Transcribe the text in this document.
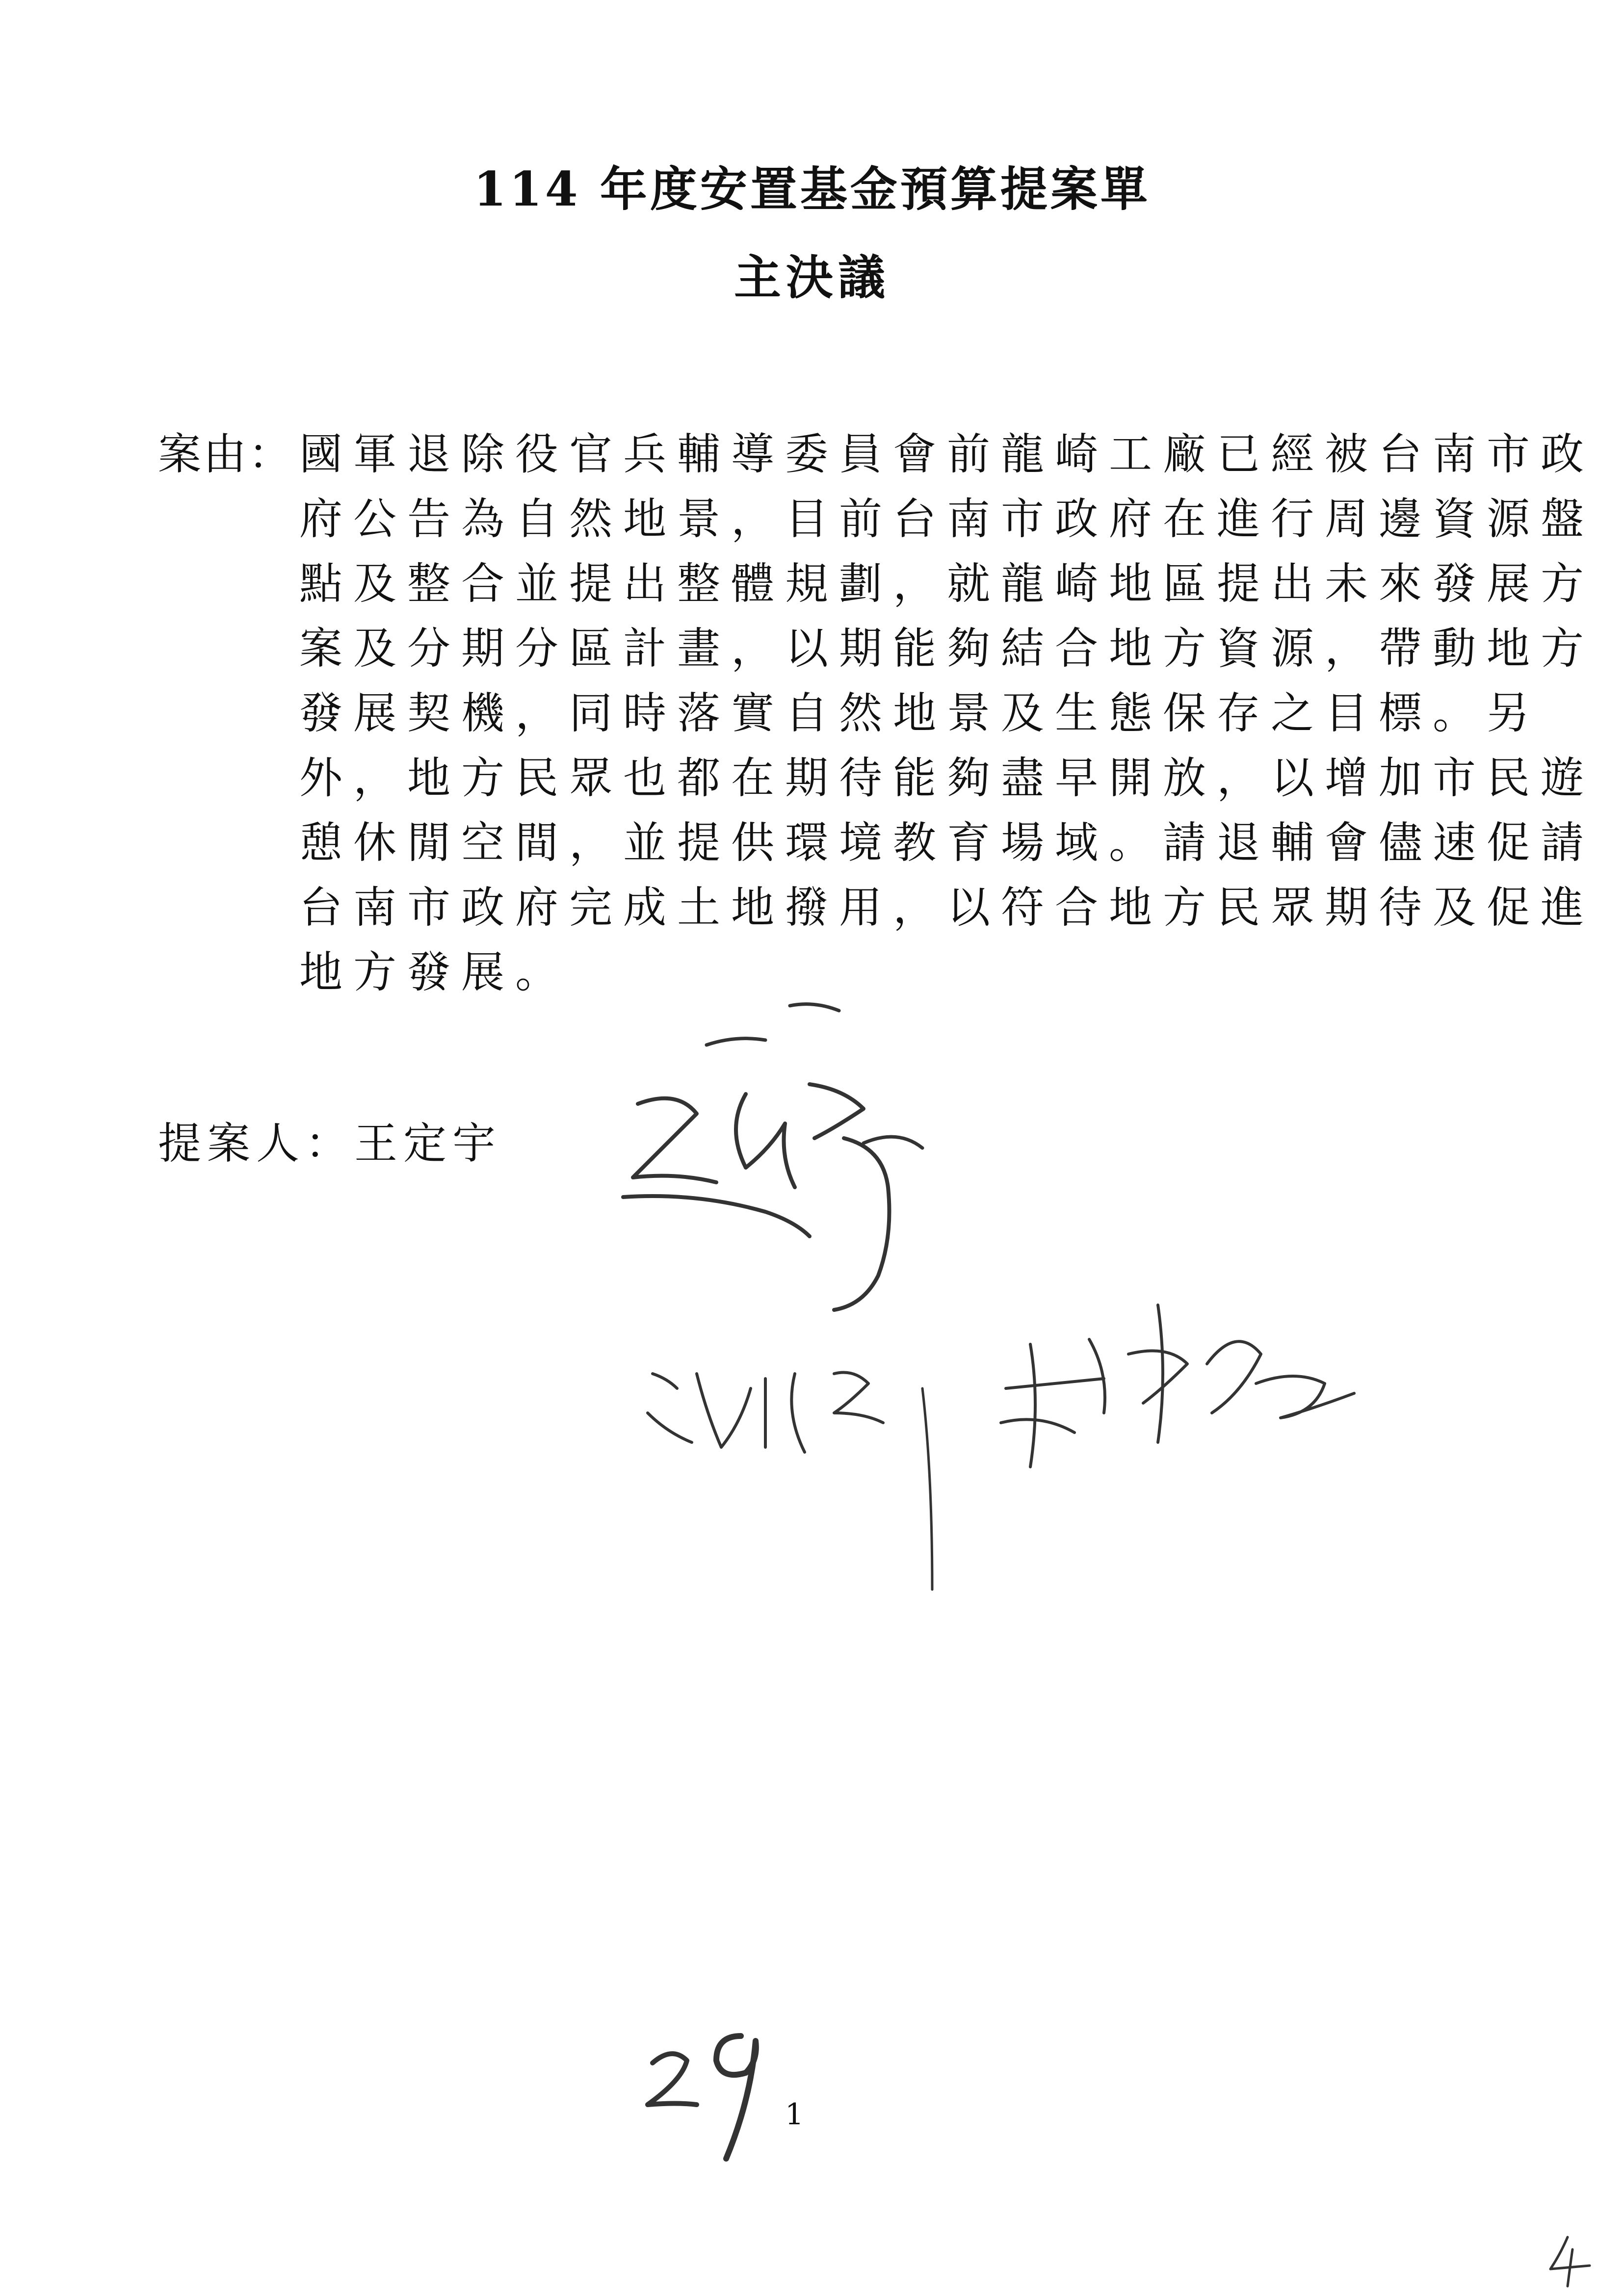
114 年度安置基金預算提案單
主決議
案由： 國軍退除役官兵輔導委員會前龍崎工廠已經被台南市政
府公告為自然地景，目前台南市政府在進行周邊資源盤
點及整合並提出整體規劃，就龍崎地區提出未來發展方
案及分期分區計畫，以期能夠結合地方資源，帶動地方
發展契機，同時落實自然地景及生態保存之目標。另
外，地方民眾也都在期待能夠盡早開放，以增加市民遊
憩休閒空間，並提供環境教育場域。請退輔會儘速促請
台南市政府完成土地撥用，以符合地方民眾期待及促進
地方發展。
提案人：王定宇
1
